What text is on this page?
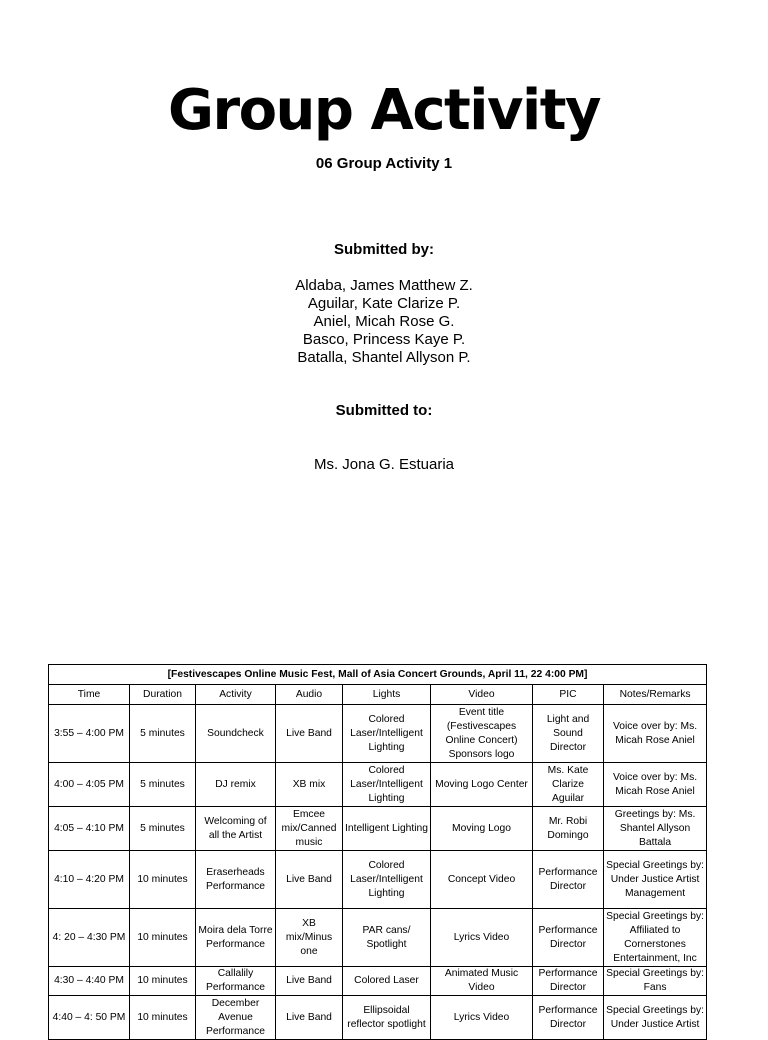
Group Activity
06 Group Activity 1
Submitted by:
Aldaba, James Matthew Z.
Aguilar, Kate Clarize P.
Aniel, Micah Rose G.
Basco, Princess Kaye P.
Batalla, Shantel Allyson P.
Submitted to:
Ms. Jona G. Estuaria
[Festivescapes Online Music Fest, Mall of Asia Concert Grounds, April 11, 22 4:00 PM]							
Time	Duration	Activity	Audio	Lights	Video	PIC	Notes/Remarks
3:55 – 4:00 PM	5 minutes	Soundcheck	Live Band	Colored Laser/Intelligent Lighting	Event title (Festivescapes Online Concert) Sponsors logo	Light and Sound Director	Voice over by: Ms. Micah Rose Aniel
4:00 – 4:05 PM	5 minutes	DJ remix	XB mix	Colored Laser/Intelligent Lighting	Moving Logo Center	Ms. Kate Clarize Aguilar	Voice over by: Ms. Micah Rose Aniel
4:05 – 4:10 PM	5 minutes	Welcoming of all the Artist	Emcee mix/Canned music	Intelligent Lighting	Moving Logo	Mr. Robi Domingo	Greetings by: Ms. Shantel Allyson Battala
4:10 – 4:20 PM	10 minutes	Eraserheads Performance	Live Band	Colored Laser/Intelligent Lighting	Concept Video	Performance Director	Special Greetings by: Under Justice Artist Management
4: 20 – 4:30 PM	10 minutes	Moira dela Torre Performance	XB mix/Minus one	PAR cans/ Spotlight	Lyrics Video	Performance Director	Special Greetings by: Affiliated to Cornerstones Entertainment, Inc
4:30 – 4:40 PM	10 minutes	Callalily Performance	Live Band	Colored Laser	Animated Music Video	Performance Director	Special Greetings by: Fans
4:40 – 4: 50 PM	10 minutes	December Avenue Performance	Live Band	Ellipsoidal reflector spotlight	Lyrics Video	Performance Director	Special Greetings by: Under Justice Artist
